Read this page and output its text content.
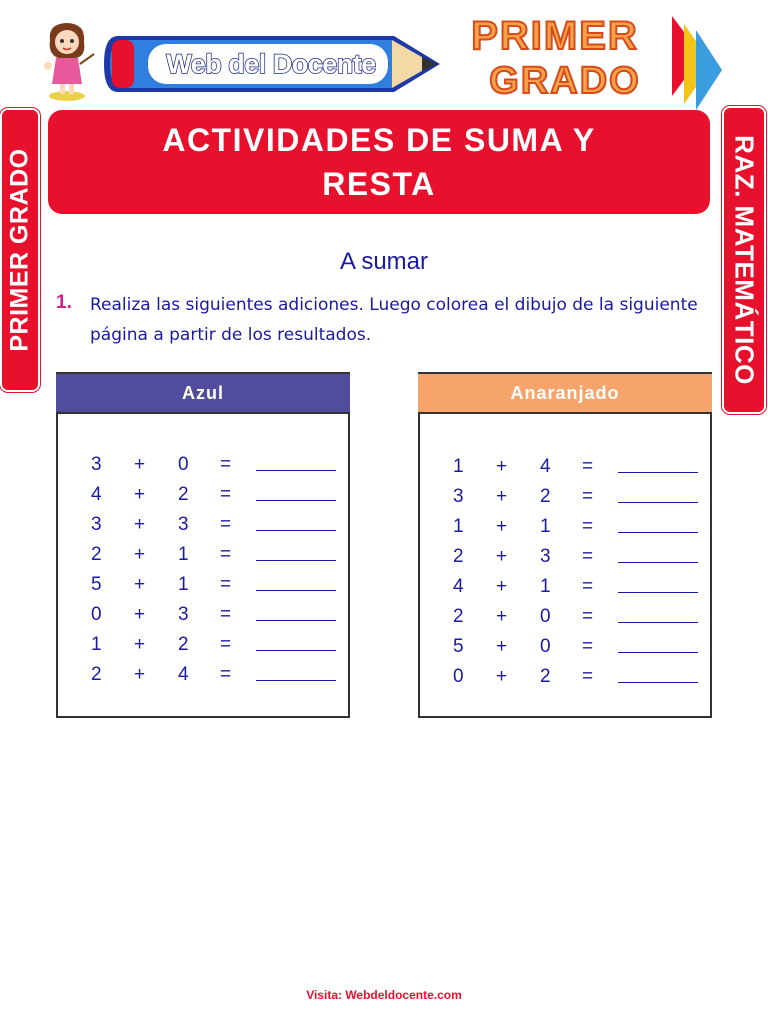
Web del Docente
PRIMER
GRADO
PRIMER GRADO	RAZ. MATEMÁTICO
ACTIVIDADES DE SUMA Y RESTA
A sumar
1. Realiza las siguientes adiciones. Luego colorea el dibujo de la siguiente página a partir de los resultados.
Azul
3 + 0 =
4 + 2 =
3 + 3 =
2 + 1 =
5 + 1 =
0 + 3 =
1 + 2 =
2 + 4 =
Anaranjado
1 + 4 =
3 + 2 =
1 + 1 =
2 + 3 =
4 + 1 =
2 + 0 =
5 + 0 =
0 + 2 =
Visita: Webdeldocente.com
